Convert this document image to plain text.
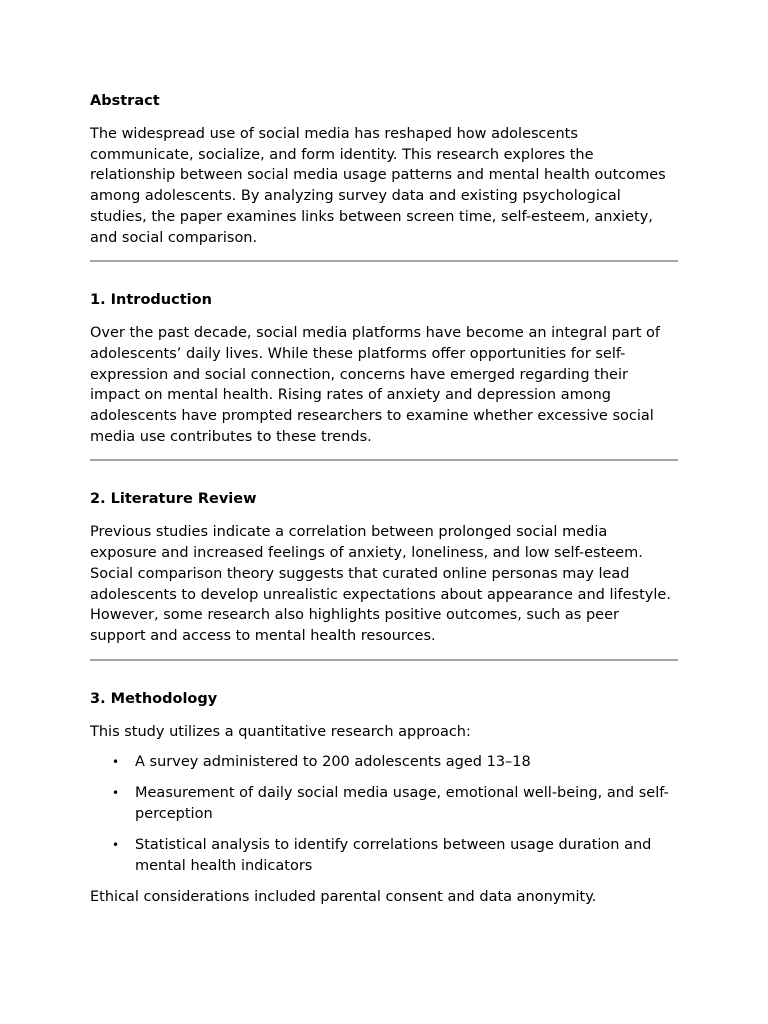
Abstract

The widespread use of social media has reshaped how adolescents communicate, socialize, and form identity. This research explores the relationship between social media usage patterns and mental health outcomes among adolescents. By analyzing survey data and existing psychological studies, the paper examines links between screen time, self-esteem, anxiety, and social comparison.

1. Introduction

Over the past decade, social media platforms have become an integral part of adolescents’ daily lives. While these platforms offer opportunities for self-expression and social connection, concerns have emerged regarding their impact on mental health. Rising rates of anxiety and depression among adolescents have prompted researchers to examine whether excessive social media use contributes to these trends.

2. Literature Review

Previous studies indicate a correlation between prolonged social media exposure and increased feelings of anxiety, loneliness, and low self-esteem. Social comparison theory suggests that curated online personas may lead adolescents to develop unrealistic expectations about appearance and lifestyle. However, some research also highlights positive outcomes, such as peer support and access to mental health resources.

3. Methodology

This study utilizes a quantitative research approach:

• A survey administered to 200 adolescents aged 13–18
• Measurement of daily social media usage, emotional well-being, and self-perception
• Statistical analysis to identify correlations between usage duration and mental health indicators

Ethical considerations included parental consent and data anonymity.
